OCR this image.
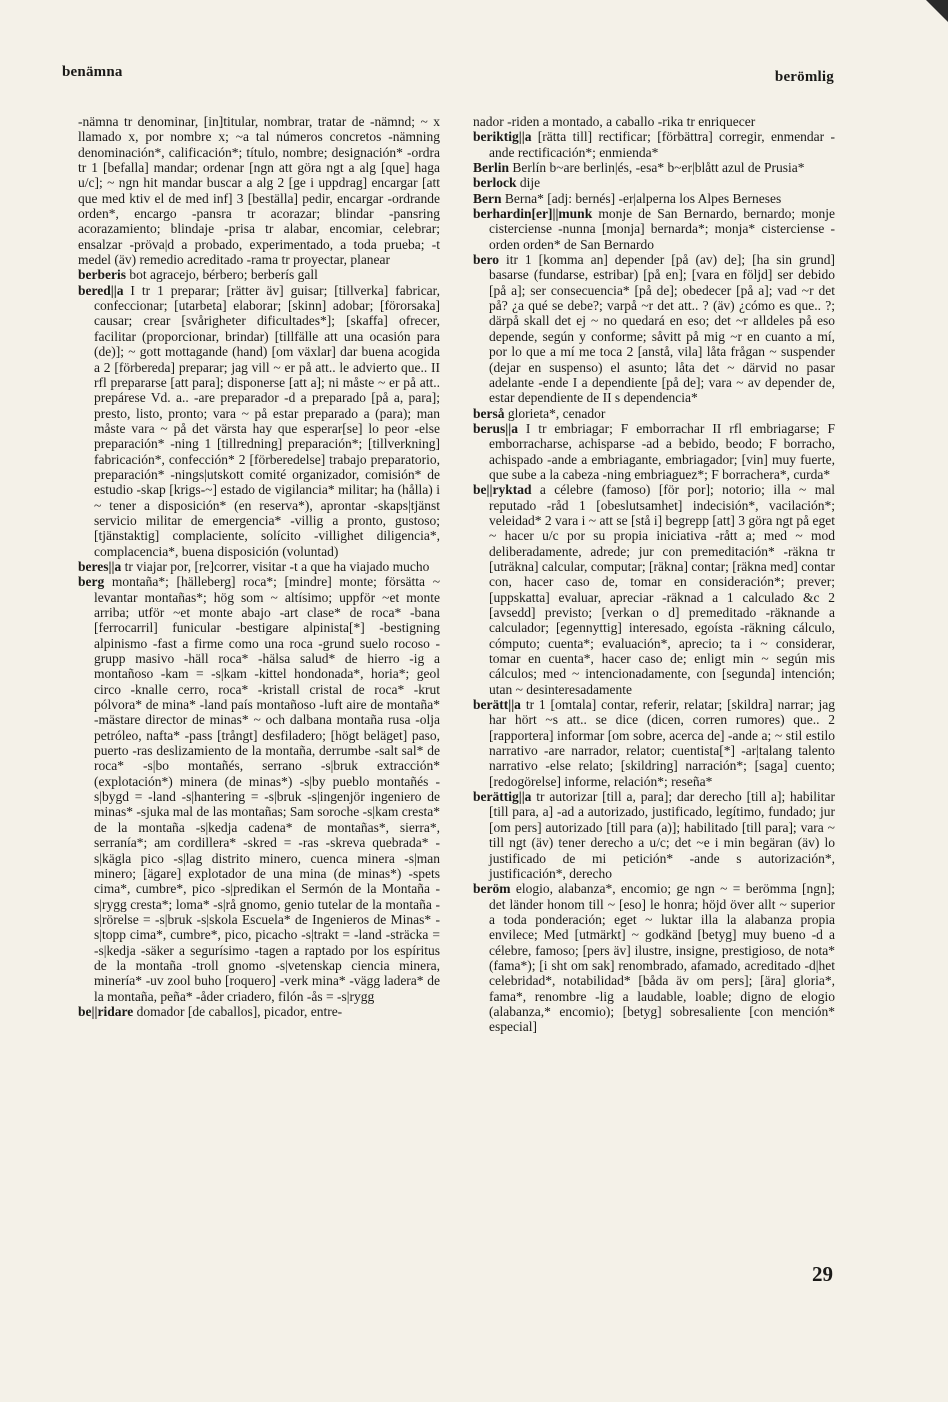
benämna	berömlig

-nämna tr denominar, [in]titular, nombrar, tratar de -nämnd; ~ x llamado x, por nombre x; ~a tal números concretos -nämning denominación*, calificación*; título, nombre; designación* -ordra tr 1 [befalla] mandar; ordenar [ngn att göra ngt a alg [que] haga u/c]; ~ ngn hit mandar buscar a alg 2 [ge i uppdrag] encargar [att que med ktiv el de med inf] 3 [beställa] pedir, encargar -ordrande orden*, encargo -pansra tr acorazar; blindar -pansring acorazamiento; blindaje -prisa tr alabar, encomiar, celebrar; ensalzar -pröva|d a probado, experimentado, a toda prueba; -t medel (äv) remedio acreditado -rama tr proyectar, planear

berberis bot agracejo, bérbero; berberís gall

bered||a I tr 1 preparar; [rätter äv] guisar; [tillverka] fabricar, confeccionar; [utarbeta] elaborar; [skinn] adobar; [förorsaka] causar; crear [svårigheter dificultades*]; [skaffa] ofrecer, facilitar (proporcionar, brindar) [tillfälle att una ocasión para (de)]; ~ gott mottagande (hand) [om växlar] dar buena acogida a 2 [förbereda] preparar; jag vill ~ er på att.. le advierto que.. II rfl prepararse [att para]; disponerse [att a]; ni måste ~ er på att.. prepárese Vd. a.. -are preparador -d a preparado [på a, para]; presto, listo, pronto; vara ~ på estar preparado a (para); man måste vara ~ på det värsta hay que esperar[se] lo peor -else preparación* -ning 1 [tillredning] preparación*; [tillverkning] fabricación*, confección* 2 [förberedelse] trabajo preparatorio, preparación* -nings|utskott comité organizador, comisión* de estudio -skap [krigs-~] estado de vigilancia* militar; ha (hålla) i ~ tener a disposición* (en reserva*), aprontar -skaps|tjänst servicio militar de emergencia* -villig a pronto, gustoso; [tjänstaktig] complaciente, solícito -villighet diligencia*, complacencia*, buena disposición (voluntad)

beres||a tr viajar por, [re]correr, visitar -t a que ha viajado mucho

berg montaña*; [hälleberg] roca*; [mindre] monte; försätta ~ levantar montañas*; hög som ~ altísimo; uppför ~et monte arriba; utför ~et monte abajo -art clase* de roca* -bana [ferrocarril] funicular -bestigare alpinista[*] -bestigning alpinismo -fast a firme como una roca -grund suelo rocoso -grupp masivo -häll roca* -hälsa salud* de hierro -ig a montañoso -kam = -s|kam -kittel hondonada*, horia*; geol circo -knalle cerro, roca* -kristall cristal de roca* -krut pólvora* de mina* -land país montañoso -luft aire de montaña* -mästare director de minas* ~ och dalbana montaña rusa -olja petróleo, nafta* -pass [trångt] desfiladero; [högt beläget] paso, puerto -ras deslizamiento de la montaña, derrumbe -salt sal* de roca* -s|bo montañés, serrano -s|bruk extracción* (explotación*) minera (de minas*) -s|by pueblo montañés -s|bygd = -land -s|hantering = -s|bruk -s|ingenjör ingeniero de minas* -sjuka mal de las montañas; Sam soroche -s|kam cresta* de la montaña -s|kedja cadena* de montañas*, sierra*, serranía*; am cordillera* -skred = -ras -skreva quebrada* -s|kägla pico -s|lag distrito minero, cuenca minera -s|man minero; [ägare] explotador de una mina (de minas*) -spets cima*, cumbre*, pico -s|predikan el Sermón de la Montaña -s|rygg cresta*; loma* -s|rå gnomo, genio tutelar de la montaña -s|rörelse = -s|bruk -s|skola Escuela* de Ingenieros de Minas* -s|topp cima*, cumbre*, pico, picacho -s|trakt = -land -sträcka = -s|kedja -säker a segurísimo -tagen a raptado por los espíritus de la montaña -troll gnomo -s|vetenskap ciencia minera, minería* -uv zool buho [roquero] -verk mina* -vägg ladera* de la montaña, peña* -åder criadero, filón -ås = -s|rygg

be||ridare domador [de caballos], picador, entre-

nador -riden a montado, a caballo -rika tr enriquecer

beriktig||a [rätta till] rectificar; [förbättra] corregir, enmendar -ande rectificación*; enmienda*

Berlin Berlín b~are berlin|és, -esa* b~er|blått azul de Prusia*

berlock dije

Bern Berna* [adj: bernés] -er|alperna los Alpes Berneses

berhardin[er]||munk monje de San Bernardo, bernardo; monje cisterciense -nunna [monja] bernarda*; monja* cisterciense -orden orden* de San Bernardo

bero itr 1 [komma an] depender [på (av) de]; [ha sin grund] basarse (fundarse, estribar) [på en]; [vara en följd] ser debido [på a]; ser consecuencia* [på de]; obedecer [på a]; vad ~r det på? ¿a qué se debe?; varpå ~r det att.. ? (äv) ¿cómo es que.. ?; därpå skall det ej ~ no quedará en eso; det ~r alldeles på eso depende, según y conforme; såvitt på mig ~r en cuanto a mí, por lo que a mí me toca 2 [anstå, vila] låta frågan ~ suspender (dejar en suspenso) el asunto; låta det ~ därvid no pasar adelante -ende I a dependiente [på de]; vara ~ av depender de, estar dependiente de II s dependencia*

berså glorieta*, cenador

berus||a I tr embriagar; F emborrachar II rfl embriagarse; F emborracharse, achisparse -ad a bebido, beodo; F borracho, achispado -ande a embriagante, embriagador; [vin] muy fuerte, que sube a la cabeza -ning embriaguez*; F borrachera*, curda*

be||ryktad a célebre (famoso) [för por]; notorio; illa ~ mal reputado -råd 1 [obeslutsamhet] indecisión*, vacilación*; veleidad* 2 vara i ~ att se [stå i] begrepp [att] 3 göra ngt på eget ~ hacer u/c por su propia iniciativa -rått a; med ~ mod deliberadamente, adrede; jur con premeditación* -räkna tr [uträkna] calcular, computar; [räkna] contar; [räkna med] contar con, hacer caso de, tomar en consideración*; prever; [uppskatta] evaluar, apreciar -räknad a 1 calculado &c 2 [avsedd] previsto; [verkan o d] premeditado -räknande a calculador; [egennyttig] interesado, egoísta -räkning cálculo, cómputo; cuenta*; evaluación*, aprecio; ta i ~ considerar, tomar en cuenta*, hacer caso de; enligt min ~ según mis cálculos; med ~ intencionadamente, con [segunda] intención; utan ~ desinteresadamente

berätt||a tr 1 [omtala] contar, referir, relatar; [skildra] narrar; jag har hört ~s att.. se dice (dicen, corren rumores) que.. 2 [rapportera] informar [om sobre, acerca de] -ande a; ~ stil estilo narrativo -are narrador, relator; cuentista[*] -ar|talang talento narrativo -else relato; [skildring] narración*; [saga] cuento; [redogörelse] informe, relación*; reseña*

berättig||a tr autorizar [till a, para]; dar derecho [till a]; habilitar [till para, a] -ad a autorizado, justificado, legítimo, fundado; jur [om pers] autorizado [till para (a)]; habilitado [till para]; vara ~ till ngt (äv) tener derecho a u/c; det ~e i min begäran (äv) lo justificado de mi petición* -ande s autorización*, justificación*, derecho

beröm elogio, alabanza*, encomio; ge ngn ~ = berömma [ngn]; det länder honom till ~ [eso] le honra; höjd över allt ~ superior a toda ponderación; eget ~ luktar illa la alabanza propia envilece; Med [utmärkt] ~ godkänd [betyg] muy bueno -d a célebre, famoso; [pers äv] ilustre, insigne, prestigioso, de nota* (fama*); [i sht om sak] renombrado, afamado, acreditado -d|het celebridad*, notabilidad* [båda äv om pers]; [ära] gloria*, fama*, renombre -lig a laudable, loable; digno de elogio (alabanza,* encomio); [betyg] sobresaliente [con mención* especial]

29
